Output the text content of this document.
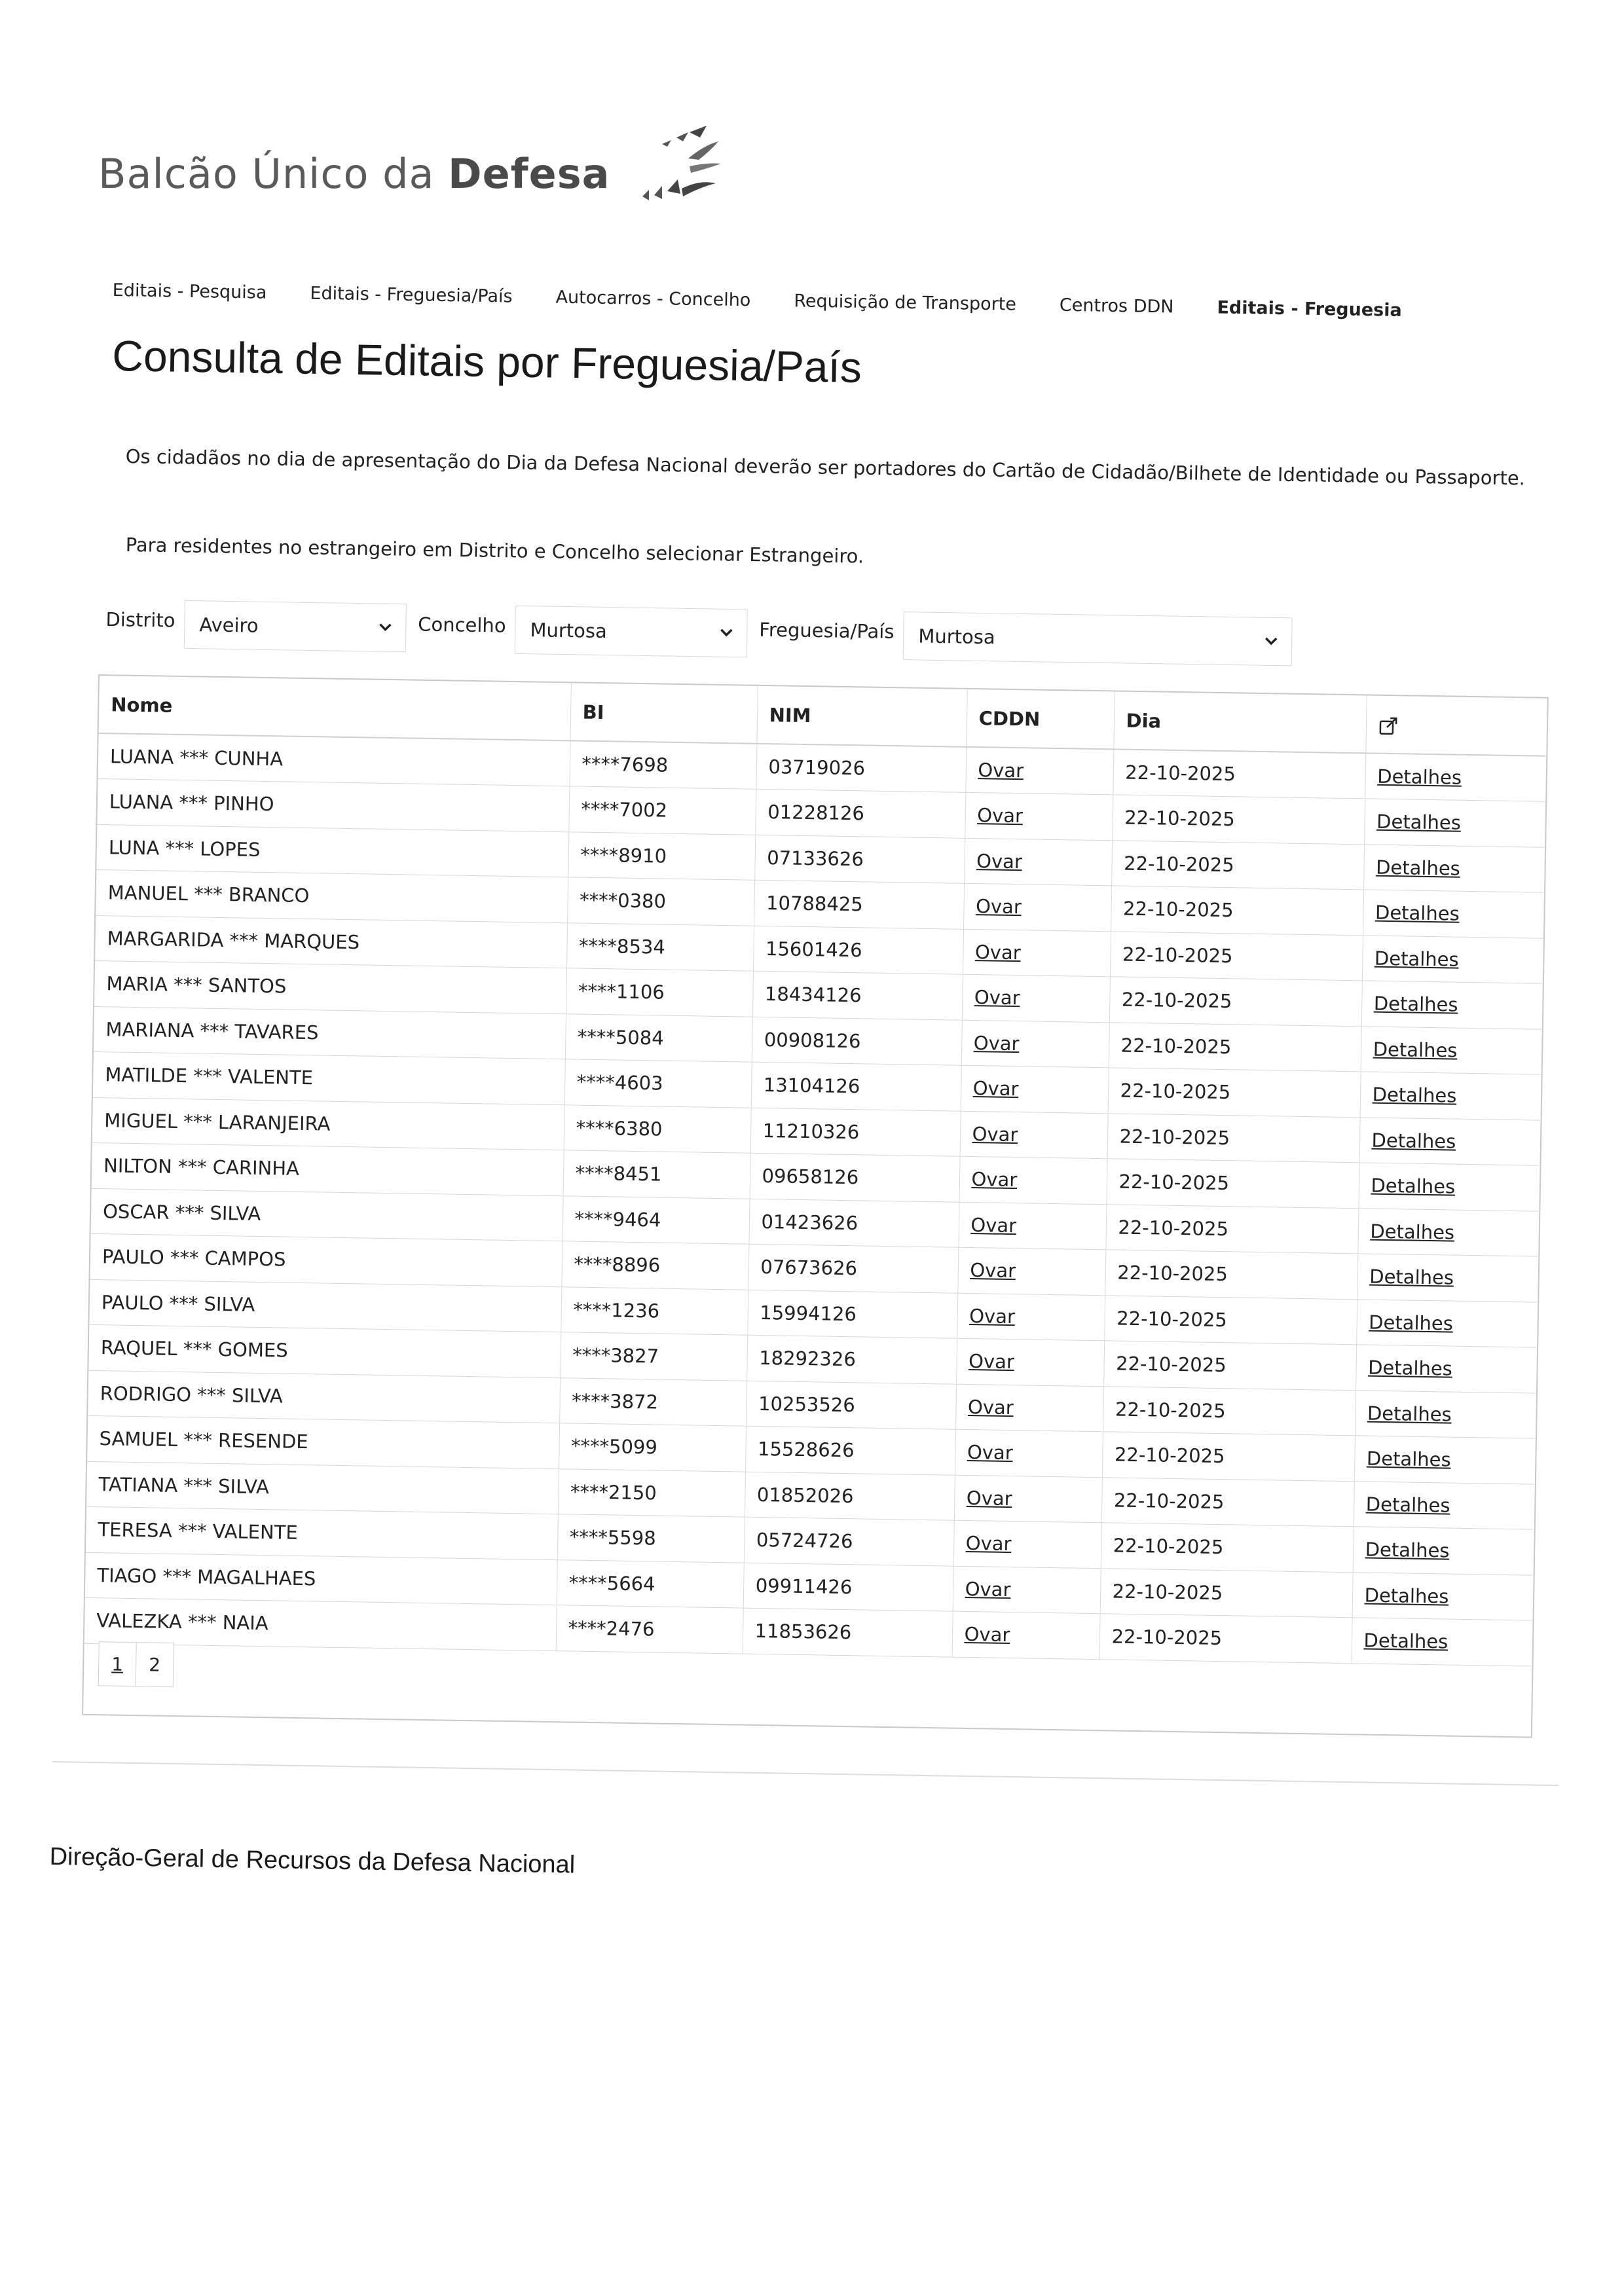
Balcão Único da Defesa
Editais - Pesquisa Editais - Freguesia/País Autocarros - Concelho Requisição de Transporte Centros DDN Editais - Freguesia
Consulta de Editais por Freguesia/País

Os cidadãos no dia de apresentação do Dia da Defesa Nacional deverão ser portadores do Cartão de Cidadão/Bilhete de Identidade ou Passaporte.

Para residentes no estrangeiro em Distrito e Concelho selecionar Estrangeiro.

Distrito Aveiro	Concelho Murtosa	Freguesia/País Murtosa
Nome	BI	NIM	CDDN	Dia	
LUANA *** CUNHA	****7698	03719026	Ovar	22-10-2025	Detalhes
LUANA *** PINHO	****7002	01228126	Ovar	22-10-2025	Detalhes
LUNA *** LOPES	****8910	07133626	Ovar	22-10-2025	Detalhes
MANUEL *** BRANCO	****0380	10788425	Ovar	22-10-2025	Detalhes
MARGARIDA *** MARQUES	****8534	15601426	Ovar	22-10-2025	Detalhes
MARIA *** SANTOS	****1106	18434126	Ovar	22-10-2025	Detalhes
MARIANA *** TAVARES	****5084	00908126	Ovar	22-10-2025	Detalhes
MATILDE *** VALENTE	****4603	13104126	Ovar	22-10-2025	Detalhes
MIGUEL *** LARANJEIRA	****6380	11210326	Ovar	22-10-2025	Detalhes
NILTON *** CARINHA	****8451	09658126	Ovar	22-10-2025	Detalhes
OSCAR *** SILVA	****9464	01423626	Ovar	22-10-2025	Detalhes
PAULO *** CAMPOS	****8896	07673626	Ovar	22-10-2025	Detalhes
PAULO *** SILVA	****1236	15994126	Ovar	22-10-2025	Detalhes
RAQUEL *** GOMES	****3827	18292326	Ovar	22-10-2025	Detalhes
RODRIGO *** SILVA	****3872	10253526	Ovar	22-10-2025	Detalhes
SAMUEL *** RESENDE	****5099	15528626	Ovar	22-10-2025	Detalhes
TATIANA *** SILVA	****2150	01852026	Ovar	22-10-2025	Detalhes
TERESA *** VALENTE	****5598	05724726	Ovar	22-10-2025	Detalhes
TIAGO *** MAGALHAES	****5664	09911426	Ovar	22-10-2025	Detalhes
VALEZKA *** NAIA	****2476	11853626	Ovar	22-10-2025	Detalhes
1	2
Direção-Geral de Recursos da Defesa Nacional
